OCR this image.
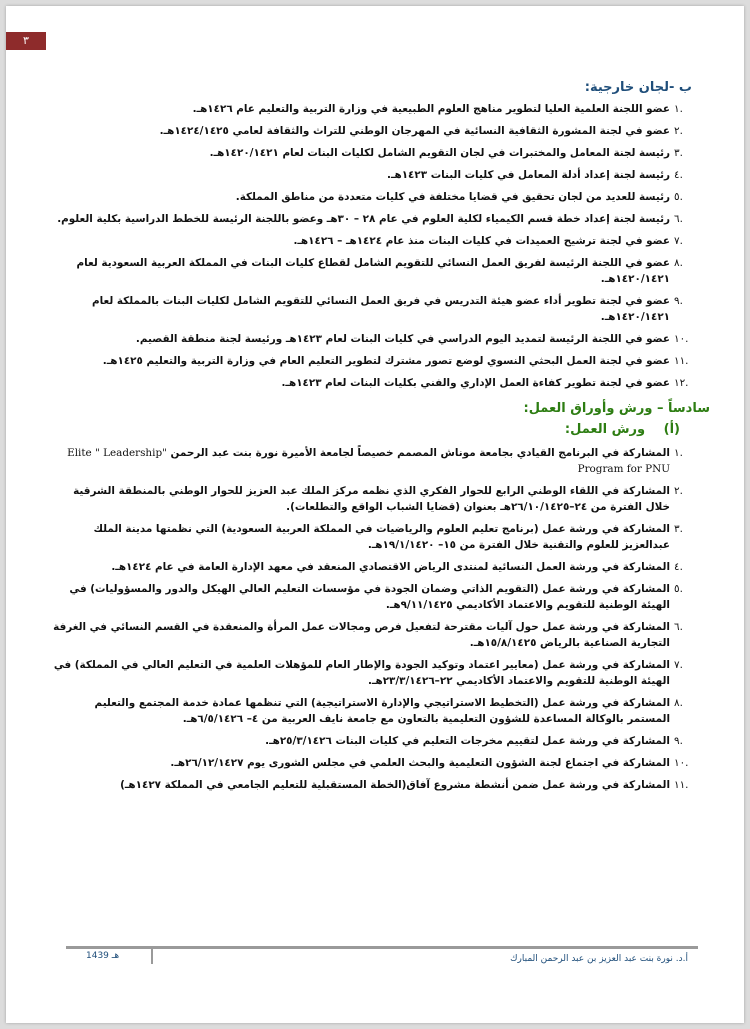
٣
ب -لجان خارجية:
.١
عضو اللجنة العلمية العليا لتطوير مناهج العلوم الطبيعية في وزارة التربية والتعليم عام ١٤٢٦هـ.
.٢
عضو في لجنة المشورة الثقافية النسائية في المهرجان الوطني للتراث والثقافة لعامي ١٤٢٤/١٤٢٥هـ.
.٣
رئيسة لجنة المعامل والمختبرات في لجان التقويم الشامل لكليات البنات لعام ١٤٢٠/١٤٢١هـ.
.٤
رئيسة لجنة إعداد أدلة المعامل في كليات البنات ١٤٢٣هـ.
.٥
رئيسة للعديد من لجان تحقيق في قضايا مختلفة في كليات متعددة من مناطق المملكة.
.٦
رئيسة لجنة إعداد خطة قسم الكيمياء لكلية العلوم في عام ٢٨ – ٣٠هـ وعضو باللجنة الرئيسة للخطط الدراسية بكلية العلوم.
.٧
عضو في لجنة ترشيح العميدات في كليات البنات منذ عام ١٤٢٤هـ – ١٤٢٦هـ.
.٨
عضو في اللجنة الرئيسة لفريق العمل النسائي للتقويم الشامل لقطاع كليات البنات في المملكة العربية السعودية لعام ١٤٢٠/١٤٢١هـ.
.٩
عضو في لجنة تطوير أداء عضو هيئة التدريس في فريق العمل النسائي للتقويم الشامل لكليات البنات بالمملكة لعام ١٤٢٠/١٤٢١هـ.
.١٠
عضو في اللجنة الرئيسة لتمديد اليوم الدراسي في كليات البنات لعام ١٤٢٣هـ ورئيسة لجنة منطقة القصيم.
.١١
عضو في لجنة العمل البحثي النسوي لوضع تصور مشترك لتطوير التعليم العام في وزارة التربية والتعليم ١٤٢٥هـ.
.١٢
عضو في لجنة تطوير كفاءة العمل الإداري والفني بكليات البنات لعام ١٤٢٣هـ.
سادساً – ورش وأوراق العمل:
(أ) ورش العمل:
.١
المشاركة في البرنامج القيادي بجامعة موناش المصمم خصيصاً لجامعة الأميرة نورة بنت عبد الرحمن Elite " Leadership" Program for PNU
.٢
المشاركة في اللقاء الوطني الرابع للحوار الفكري الذي نظمه مركز الملك عبد العزيز للحوار الوطني بالمنطقة الشرقية خلال الفترة من ٢٤–٢٦/١٠/١٤٢٥هـ بعنوان (قضايا الشباب الواقع والتطلعات).
.٣
المشاركة في ورشة عمل (برنامج تعليم العلوم والرياضيات في المملكة العربية السعودية) التي نظمتها مدينة الملك عبدالعزيز للعلوم والتقنية خلال الفترة من ١٥– ١٩/١/١٤٢٠هـ.
.٤
المشاركة في ورشة العمل النسائية لمنتدى الرياض الاقتصادي المنعقد في معهد الإدارة العامة في عام ١٤٢٤هـ.
.٥
المشاركة في ورشة عمل (التقويم الذاتي وضمان الجودة في مؤسسات التعليم العالي الهيكل والدور والمسؤوليات) في الهيئة الوطنية للتقويم والاعتماد الأكاديمي ٩/١١/١٤٢٥هـ.
.٦
المشاركة في ورشة عمل حول آليات مقترحة لتفعيل فرص ومجالات عمل المرأة والمنعقدة في القسم النسائي في الغرفة التجارية الصناعية بالرياض ١٥/٨/١٤٢٥هـ.
.٧
المشاركة في ورشة عمل (معايير اعتماد وتوكيد الجودة والإطار العام للمؤهلات العلمية في التعليم العالي في المملكة) في الهيئة الوطنية للتقويم والاعتماد الأكاديمي ٢٢–٢٣/٣/١٤٢٦هـ.
.٨
المشاركة في ورشة عمل (التخطيط الاستراتيجي والإدارة الاستراتيجية) التي تنظمها عمادة خدمة المجتمع والتعليم المستمر بالوكالة المساعدة للشؤون التعليمية بالتعاون مع جامعة نايف العربية من ٤– ٦/٥/١٤٢٦هـ.
.٩
المشاركة في ورشة عمل لتقييم مخرجات التعليم في كليات البنات ٢٥/٣/١٤٢٦هـ.
.١٠
المشاركة في اجتماع لجنة الشؤون التعليمية والبحث العلمي في مجلس الشورى يوم ٢٦/١٢/١٤٢٧هـ.
.١١
المشاركة في ورشة عمل ضمن أنشطة مشروع آفاق(الخطة المستقبلية للتعليم الجامعي في المملكة ١٤٢٧هـ)
1439 هـ	أ.د. نورة بنت عبد العزيز بن عبد الرحمن المبارك
